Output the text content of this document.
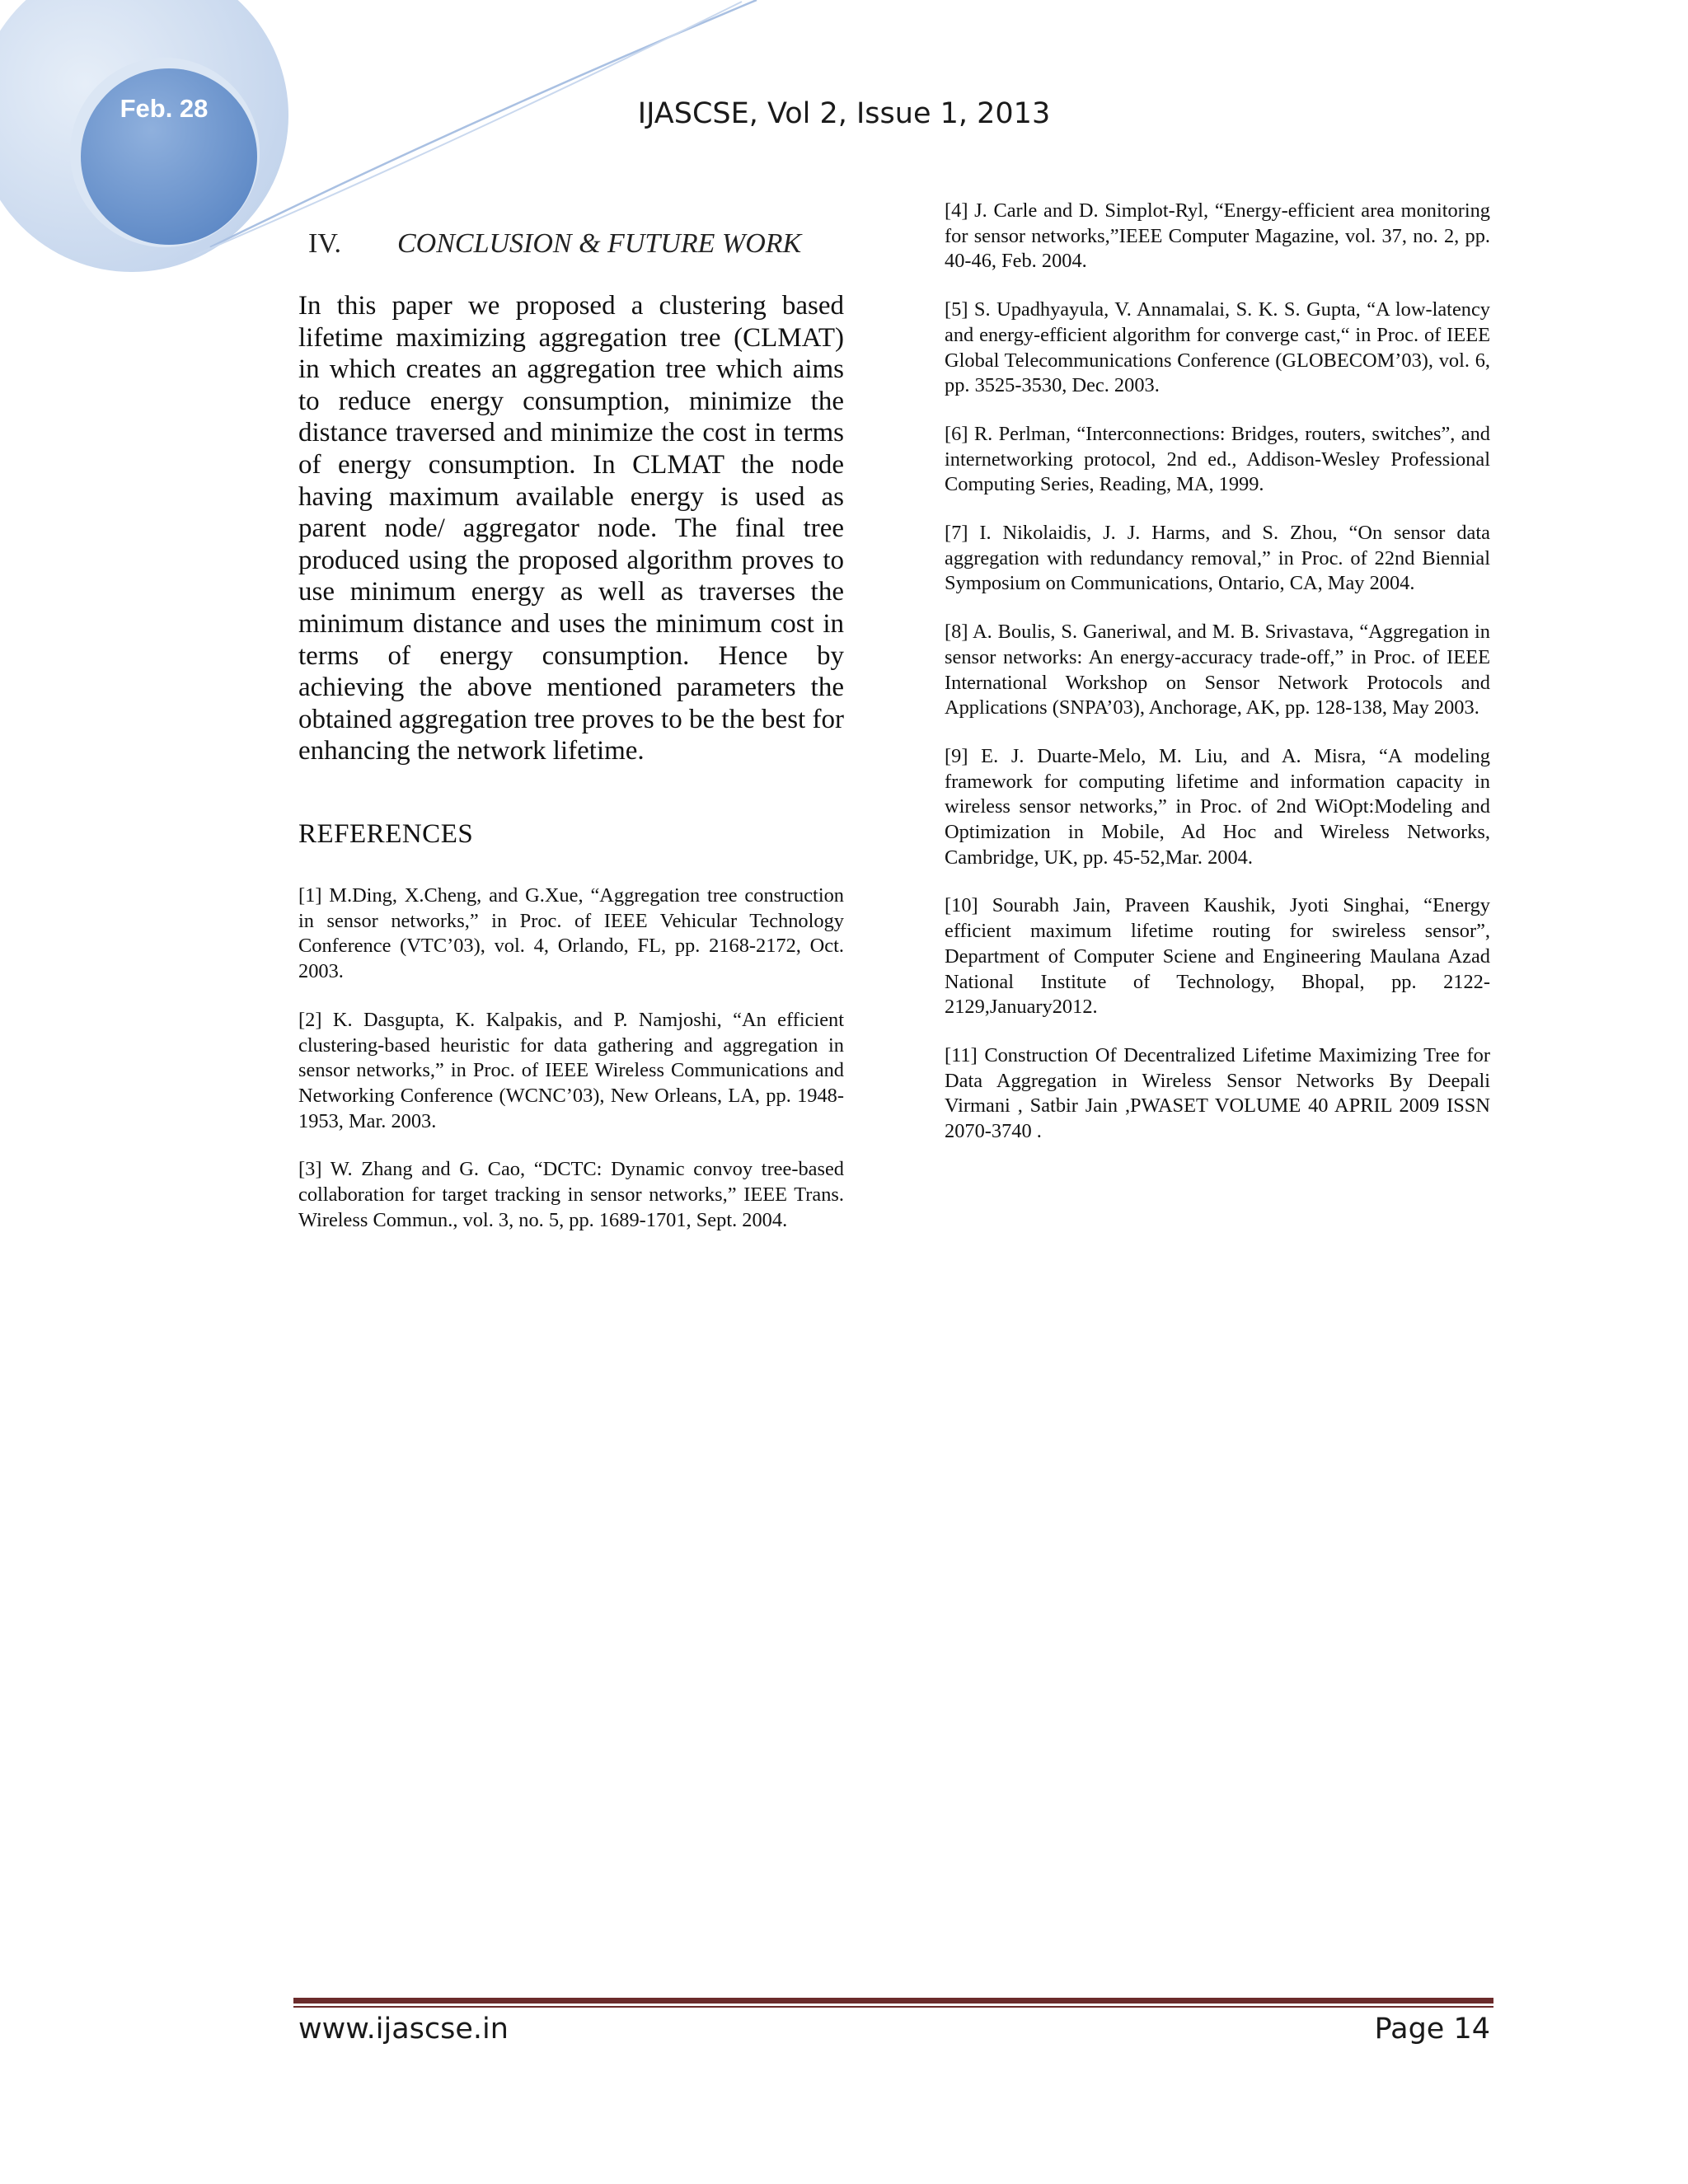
Feb. 28	IJASCSE, Vol 2, Issue 1, 2013
IV. CONCLUSION & FUTURE WORK

In this paper we proposed a clustering based lifetime maximizing aggregation tree (CLMAT) in which creates an aggregation tree which aims to reduce energy consumption, minimize the distance traversed and minimize the cost in terms of energy consumption. In CLMAT the node having maximum available energy is used as parent node/ aggregator node. The final tree produced using the proposed algorithm proves to use minimum energy as well as traverses the minimum distance and uses the minimum cost in terms of energy consumption. Hence by achieving the above mentioned parameters the obtained aggregation tree proves to be the best for enhancing the network lifetime.

REFERENCES

[1] M.Ding, X.Cheng, and G.Xue, “Aggregation tree construction in sensor networks,” in Proc. of IEEE Vehicular Technology Conference (VTC’03), vol. 4, Orlando, FL, pp. 2168-2172, Oct. 2003.

[2] K. Dasgupta, K. Kalpakis, and P. Namjoshi, “An efficient clustering-based heuristic for data gathering and aggregation in sensor networks,” in Proc. of IEEE Wireless Communications and Networking Conference (WCNC’03), New Orleans, LA, pp. 1948-1953, Mar. 2003.

[3] W. Zhang and G. Cao, “DCTC: Dynamic convoy tree-based collaboration for target tracking in sensor networks,” IEEE Trans. Wireless Commun., vol. 3, no. 5, pp. 1689-1701, Sept. 2004.

[4] J. Carle and D. Simplot-Ryl, “Energy-efficient area monitoring for sensor networks,”IEEE Computer Magazine, vol. 37, no. 2, pp. 40-46, Feb. 2004.

[5] S. Upadhyayula, V. Annamalai, S. K. S. Gupta, “A low-latency and energy-efficient algorithm for converge cast,“ in Proc. of IEEE Global Telecommunications Conference (GLOBECOM’03), vol. 6, pp. 3525-3530, Dec. 2003.

[6] R. Perlman, “Interconnections: Bridges, routers, switches”, and internetworking protocol, 2nd ed., Addison-Wesley Professional Computing Series, Reading, MA, 1999.

[7] I. Nikolaidis, J. J. Harms, and S. Zhou, “On sensor data aggregation with redundancy removal,” in Proc. of 22nd Biennial Symposium on Communications, Ontario, CA, May 2004.

[8] A. Boulis, S. Ganeriwal, and M. B. Srivastava, “Aggregation in sensor networks: An energy-accuracy trade-off,” in Proc. of IEEE International Workshop on Sensor Network Protocols and Applications (SNPA’03), Anchorage, AK, pp. 128-138, May 2003.

[9] E. J. Duarte-Melo, M. Liu, and A. Misra, “A modeling framework for computing lifetime and information capacity in wireless sensor networks,” in Proc. of 2nd WiOpt:Modeling and Optimization in Mobile, Ad Hoc and Wireless Networks, Cambridge, UK, pp. 45-52,Mar. 2004.

[10] Sourabh Jain, Praveen Kaushik, Jyoti Singhai, “Energy efficient maximum lifetime routing for swireless sensor”, Department of Computer Sciene and Engineering Maulana Azad National Institute of Technology, Bhopal, pp. 2122-2129,January2012.

[11] Construction Of Decentralized Lifetime Maximizing Tree for Data Aggregation in Wireless Sensor Networks By Deepali Virmani , Satbir Jain ,PWASET VOLUME 40 APRIL 2009 ISSN 2070-3740 .

www.ijascse.in	Page 14
